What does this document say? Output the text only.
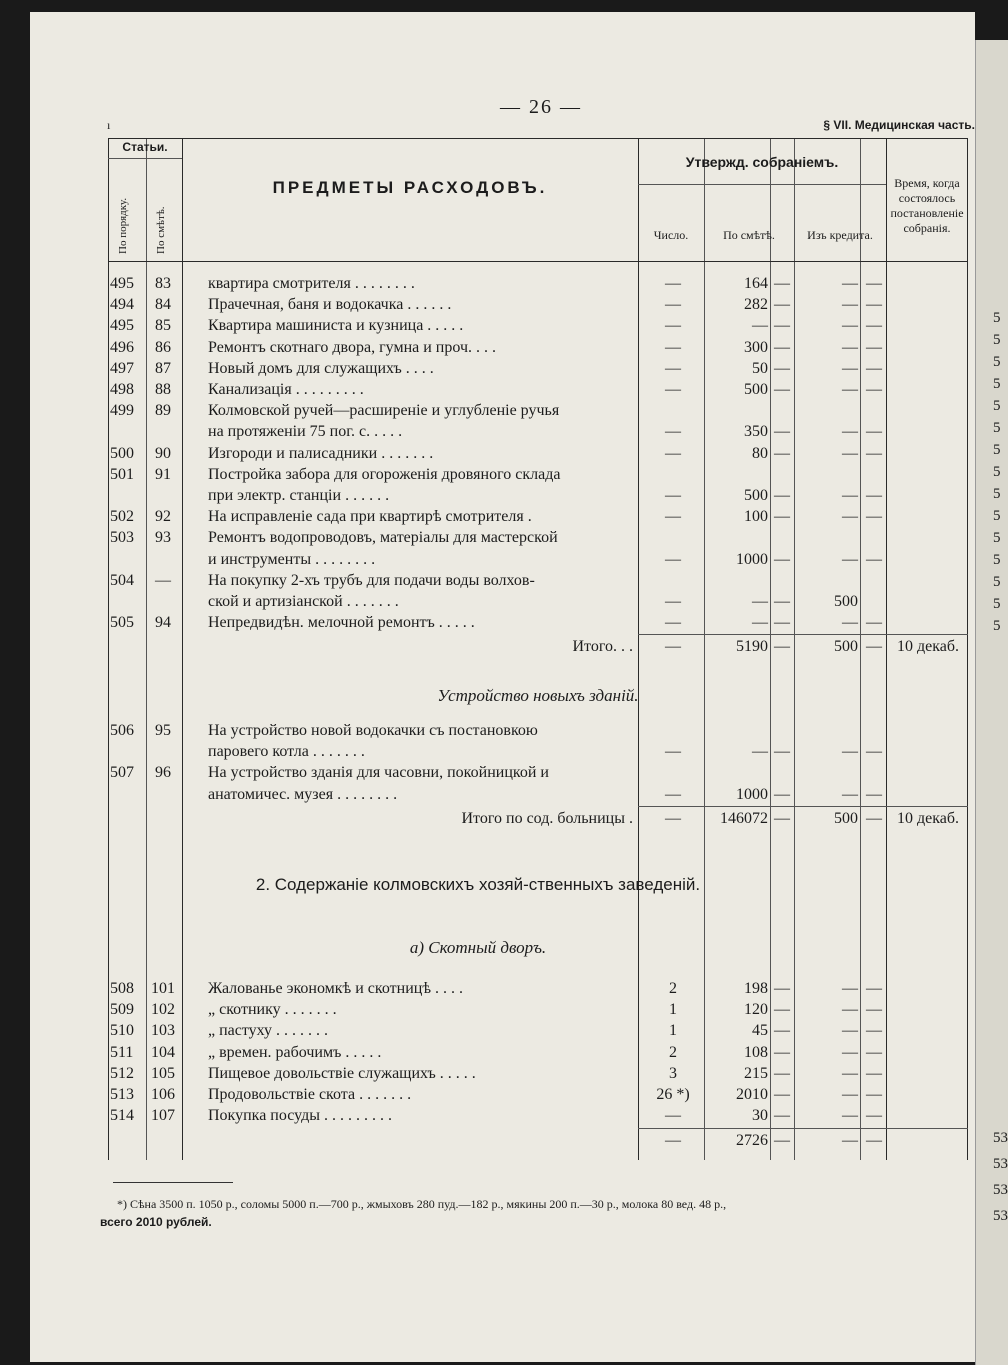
5
5
5
5
5
5
5
5
5
5
5
5
5
5
5
53
53
53
53
— 26 —
ı	§ VII. Медицинская часть.
Статьи.
По порядку. По смѣтѣ.
ПРЕДМЕТЫ РАСХОДОВЪ.
Утвержд. собраніемъ.
Число.	По смѣтѣ.	Изъ кредита.
Время, когда состоялось постановленіе собранія.
495	83	квартира смотрителя . . . . . . . .	—	164 —	— —
494	84	Прачечная, баня и водокачка . . . . . .	—	282 —	— —
495	85	Квартира машиниста и кузница . . . . .	—	— —	— —
496	86	Ремонтъ скотнаго двора, гумна и проч. . . .	—	300 —	— —
497	87	Новый домъ для служащихъ . . . .	—	50 —	— —
498	88	Канализація . . . . . . . . .	—	500 —	— —
499	89	Колмовской ручей—расширеніе и углубленіе ручья
на протяженіи 75 пог. с. . . . .	—	350 —	— —
500	90	Изгороди и палисадники . . . . . . .	—	80 —	— —
501	91	Постройка забора для огороженія дровяного склада
при электр. станціи . . . . . .	—	500 —	— —
502	92	На исправленіе сада при квартирѣ смотрителя .	—	100 —	— —
503	93	Ремонтъ водопроводовъ, матеріалы для мастерской
и инструменты . . . . . . . .	—	1000 —	— —
504	—	На покупку 2-хъ трубъ для подачи воды волхов-
ской и артизіанской . . . . . . .	—	— —	500
505	94	Непредвидѣн. мелочной ремонтъ . . . . .	—	— —	— —
Итого. . .	—	5190 —	500 — 10 декаб.
506	95	На устройство новой водокачки съ постановкою
паровего котла . . . . . . .	—	— —	— —
507	96	На устройство зданія для часовни, покойницкой и
анатомичес. музея . . . . . . . .	—	1000 —	— —
Итого по сод. больницы .	—	146072 —	500 — 10 декаб.
508	101	Жалованье экономкѣ и скотницѣ . . . .	2	198 —	— —
509	102	„ скотнику . . . . . . .	1	120 —	— —
510	103	„ пастуху . . . . . . .	1	45 —	— —
511	104	„ времен. рабочимъ . . . . .	2	108 —	— —
512	105	Пищевое довольствіе служащихъ . . . . .	3	215 —	— —
513	106	Продовольствіе скота . . . . . . .	26 *)	2010 —	— —
514	107	Покупка посуды . . . . . . . . .	—	30 —	— —
—	2726 —	— —
Устройство новыхъ зданій.
2. Содержаніе колмовскихъ хозяй-ственныхъ заведеній.
а) Скотный дворъ.
*) Сѣна 3500 п. 1050 р., соломы 5000 п.—700 р., жмыховъ 280 пуд.—182 р., мякины 200 п.—30 р., молока 80 вед. 48 р.,
всего 2010 рублей.
